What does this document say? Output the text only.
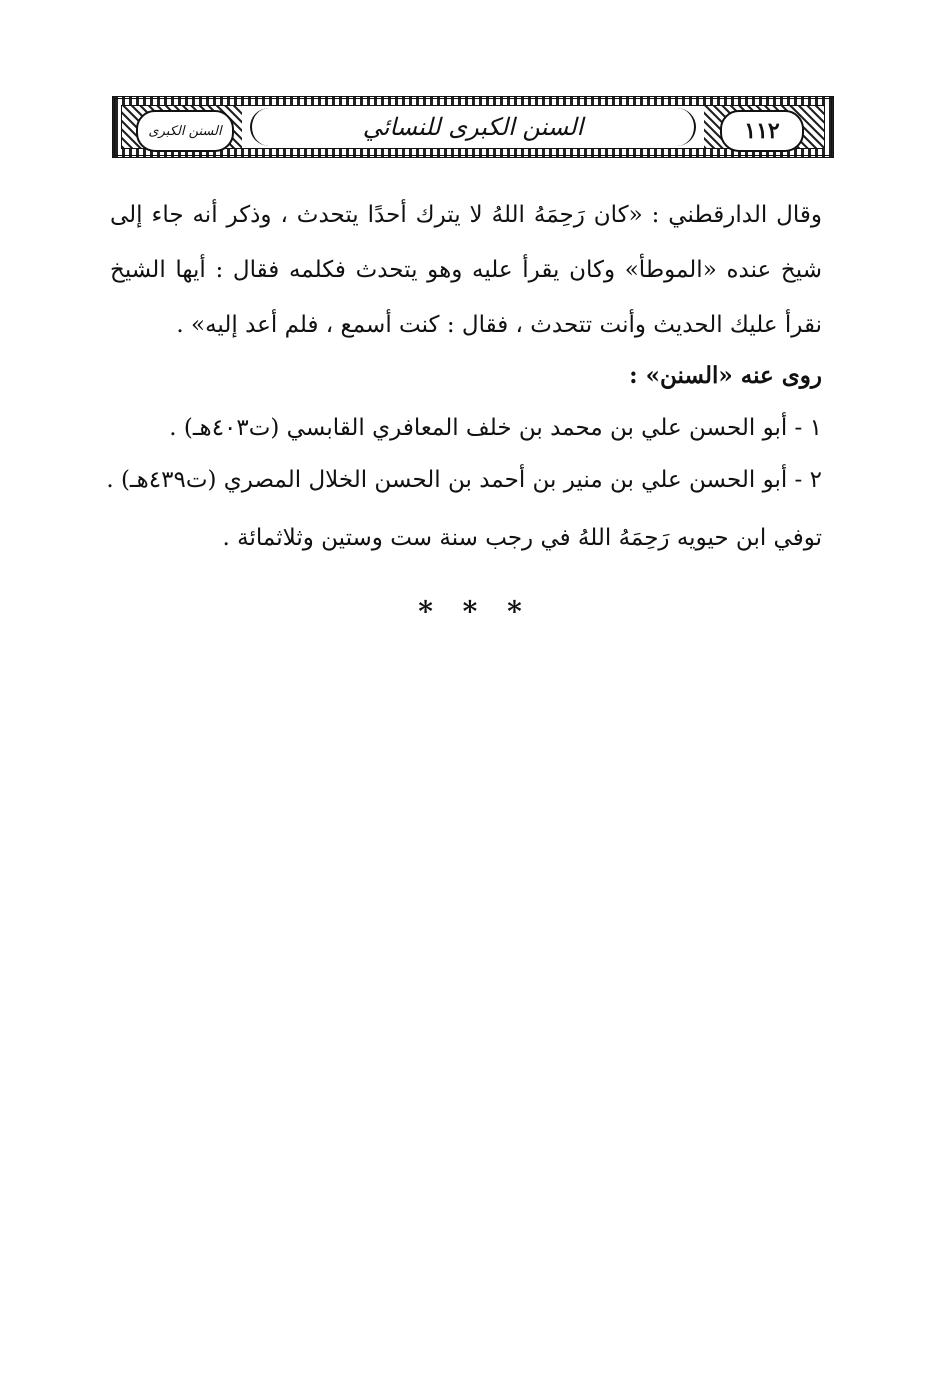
السنن الكبرى	السنن الكبرى للنسائي	١١٢

وقال الدارقطني : «كان رَحِمَهُ اللهُ لا يترك أحدًا يتحدث ، وذكر أنه جاء إلى شيخ عنده «الموطأ» وكان يقرأ عليه وهو يتحدث فكلمه فقال : أيها الشيخ نقرأ عليك الحديث وأنت تتحدث ، فقال : كنت أسمع ، فلم أعد إليه» .

روى عنه «السنن» :

١ - أبو الحسن علي بن محمد بن خلف المعافري القابسي (ت٤٠٣هـ) .

٢ - أبو الحسن علي بن منير بن أحمد بن الحسن الخلال المصري (ت٤٣٩هـ) .

توفي ابن حيويه رَحِمَهُ اللهُ في رجب سنة ست وستين وثلاثمائة .

* * *
